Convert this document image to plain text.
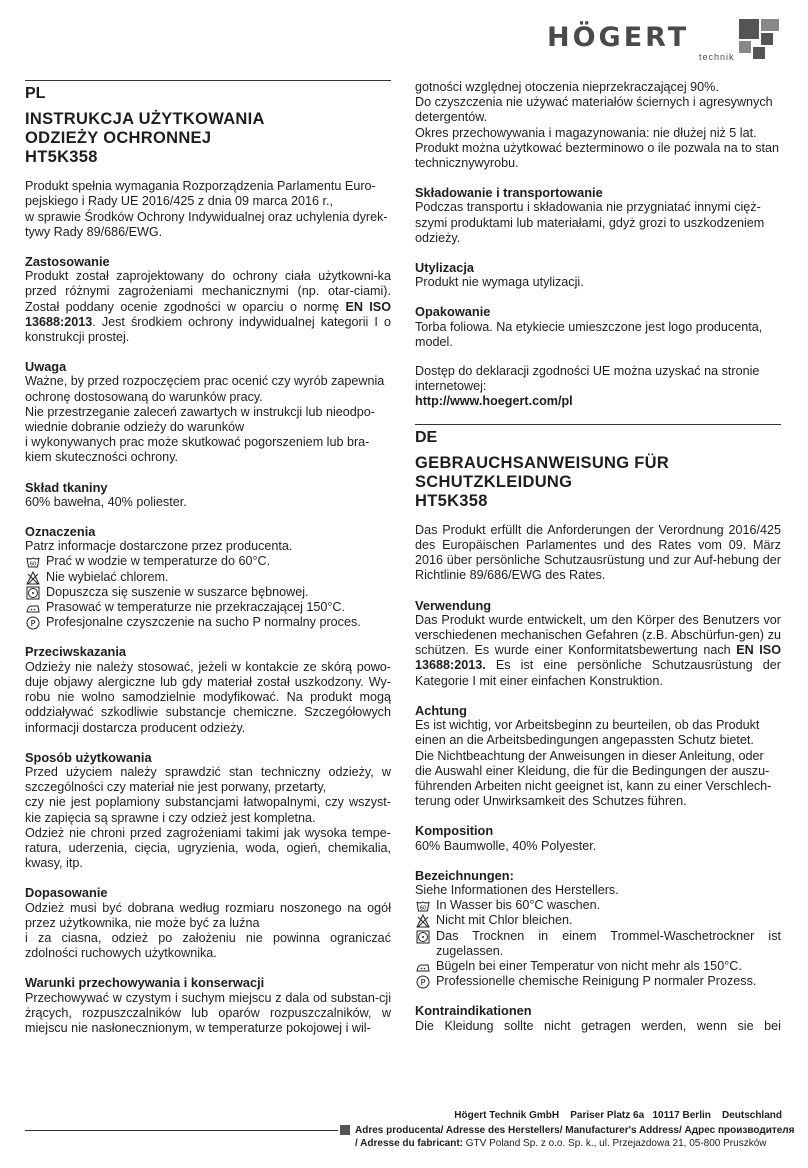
HÖGERT
technik
PL
INSTRUKCJA UŻYTKOWANIA
ODZIEŻY OCHRONNEJ
HT5K358
Produkt spełnia wymagania Rozporządzenia Parlamentu Euro-
pejskiego i Rady UE 2016/425 z dnia 09 marca 2016 r.,
w sprawie Środków Ochrony Indywidualnej oraz uchylenia dyrek-
tywy Rady 89/686/EWG.
Zastosowanie

Produkt został zaprojektowany do ochrony ciała użytkowni-ka przed różnymi zagrożeniami mechanicznymi (np. otar-ciami). Został poddany ocenie zgodności w oparciu o normę EN ISO 13688:2013. Jest środkiem ochrony indywidualnej kategorii I o konstrukcji prostej.

Uwaga
Ważne, by przed rozpoczęciem prac ocenić czy wyrób zapewnia
ochronę dostosowaną do warunków pracy.
Nie przestrzeganie zaleceń zawartych w instrukcji lub nieodpo-
wiednie dobranie odzieży do warunków
i wykonywanych prac może skutkować pogorszeniem lub bra-
kiem skuteczności ochrony.
Skład tkaniny
60% bawełna, 40% poliester.
Oznaczenia
Patrz informacje dostarczone przez producenta.
60 Prać w wodzie w temperaturze do 60°C.
Nie wybielać chlorem.
Dopuszcza się suszenie w suszarce bębnowej.
Prasować w temperaturze nie przekraczającej 150°C.
P Profesjonalne czyszczenie na sucho P normalny proces.
Przeciwskazania

Odzieży nie należy stosować, jeżeli w kontakcie ze skórą powo-duje objawy alergiczne lub gdy materiał został uszkodzony. Wy-robu nie wolno samodzielnie modyfikować. Na produkt mogą oddziaływać szkodliwie substancje chemiczne. Szczegółowych informacji dostarcza producent odzieży.

Sposób użytkowania

Przed użyciem należy sprawdzić stan techniczny odzieży, w szczególności czy materiał nie jest porwany, przetarty,

czy nie jest poplamiony substancjami łatwopalnymi, czy wszyst-kie zapięcia są sprawne i czy odzież jest kompletna.

Odzież nie chroni przed zagrożeniami takimi jak wysoka tempe-ratura, uderzenia, cięcia, ugryzienia, woda, ogień, chemikalia, kwasy, itp.

Dopasowanie

Odzież musi być dobrana według rozmiaru noszonego na ogół przez użytkownika, nie może być za luźna

i za ciasna, odzież po założeniu nie powinna ograniczać zdolności ruchowych użytkownika.

Warunki przechowywania i konserwacji

Przechowywać w czystym i suchym miejscu z dala od substan-cji żrących, rozpuszczalników lub oparów rozpuszczalników, w miejscu nie nasłonecznionym, w temperaturze pokojowej i wil-

gotności względnej otoczenia nieprzekraczającej 90%.
Do czyszczenia nie używać materiałów ściernych i agresywnych detergentów.
Okres przechowywania i magazynowania: nie dłużej niż 5 lat.
Produkt można użytkować bezterminowo o ile pozwala na to stan technicznywyrobu.
Składowanie i transportowanie

Podczas transportu i składowania nie przygniatać innymi cięż-szymi produktami lub materiałami, gdyż grozi to uszkodzeniem odzieży.

Utylizacja
Produkt nie wymaga utylizacji.
Opakowanie

Torba foliowa. Na etykiecie umieszczone jest logo producenta, model.

Dostęp do deklaracji zgodności UE można uzyskać na stronie internetowej:

http://www.hoegert.com/pl
DE
GEBRAUCHSANWEISUNG FÜR
SCHUTZKLEIDUNG
HT5K358

Das Produkt erfüllt die Anforderungen der Verordnung 2016/425 des Europäischen Parlamentes und des Rates vom 09. März 2016 über persönliche Schutzausrüstung und zur Auf-hebung der Richtlinie 89/686/EWG des Rates.

Verwendung

Das Produkt wurde entwickelt, um den Körper des Benutzers vor verschiedenen mechanischen Gefahren (z.B. Abschürfun-gen) zu schützen. Es wurde einer Konformitatsbewertung nach EN ISO 13688:2013. Es ist eine persönliche Schutzausrüstung der Kategorie I mit einer einfachen Konstruktion.

Achtung

Es ist wichtig, vor Arbeitsbeginn zu beurteilen, ob das Produkt einen an die Arbeitsbedingungen angepassten Schutz bietet.

Die Nichtbeachtung der Anweisungen in dieser Anleitung, oder die Auswahl einer Kleidung, die für die Bedingungen der auszu-führenden Arbeiten nicht geeignet ist, kann zu einer Verschlech-terung oder Unwirksamkeit des Schutzes führen.

Komposition
60% Baumwolle, 40% Polyester.
Bezeichnungen:
Siehe Informationen des Herstellers.
60 In Wasser bis 60°C waschen.
Nicht mit Chlor bleichen.
Das Trocknen in einem Trommel-Waschetrockner ist zugelassen.
Bügeln bei einer Temperatur von nicht mehr als 150°C.
P Professionelle chemische Reinigung P normaler Prozess.
Kontraindikationen

Die Kleidung sollte nicht getragen werden, wenn sie bei

Högert Technik GmbH    Pariser Platz 6a   10117 Berlin    Deutschland
Adres producenta/ Adresse des Herstellers/ Manufacturer's Address/ Адрес производителя
/ Adresse du fabricant: GTV Poland Sp. z o.o. Sp. k., ul. Przejazdowa 21, 05-800 Pruszków
